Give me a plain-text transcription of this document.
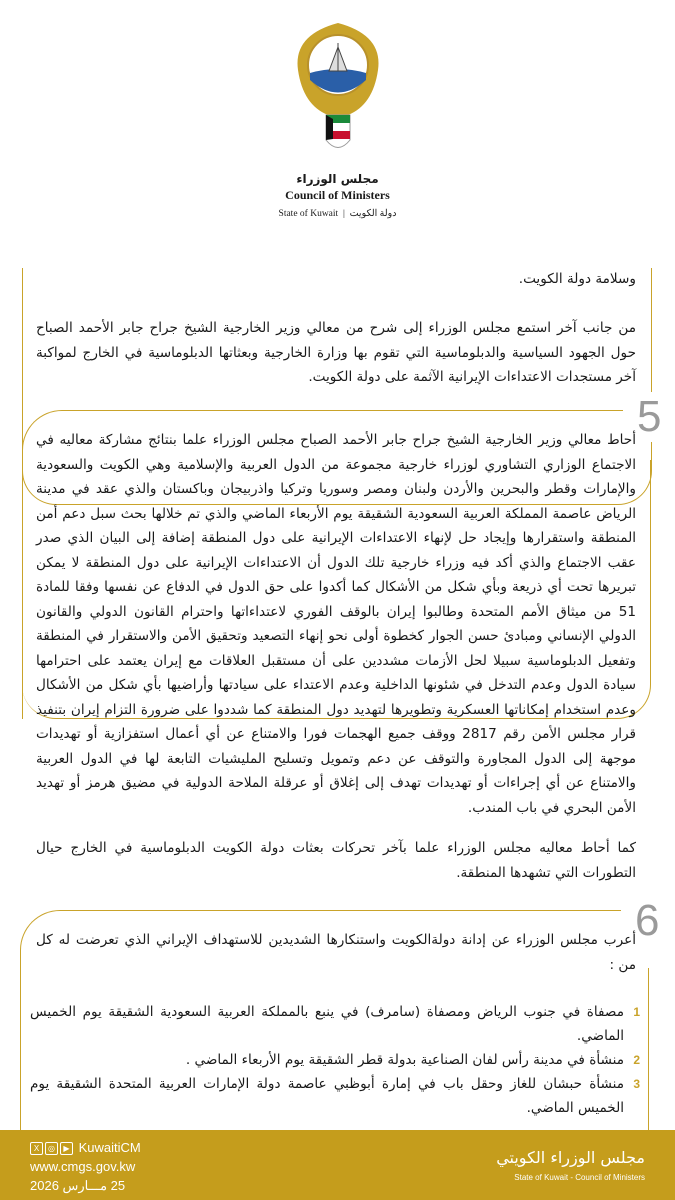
مجلس الوزراء
Council of Ministers
State of Kuwait  |  دولة الكويت

وسلامة دولة الكويت.

من جانب آخر استمع مجلس الوزراء إلى شرح من معالي وزير الخارجية الشيخ جراح جابر الأحمد الصباح حول الجهود السياسية والدبلوماسية التي تقوم بها وزارة الخارجية وبعثاتها الدبلوماسية في الخارج لمواكبة آخر مستجدات الاعتداءات الإيرانية الآثمة على دولة الكويت.

5

أحاط معالي وزير الخارجية الشيخ جراح جابر الأحمد الصباح مجلس الوزراء علما بنتائج مشاركة معاليه في الاجتماع الوزاري التشاوري لوزراء خارجية مجموعة من الدول العربية والإسلامية وهي الكويت والسعودية والإمارات وقطر والبحرين والأردن ولبنان ومصر وسوريا وتركيا واذربيجان وباكستان والذي عقد في مدينة الرياض عاصمة المملكة العربية السعودية الشقيقة يوم الأربعاء الماضي والذي تم خلالها بحث سبل دعم أمن المنطقة واستقرارها وإيجاد حل لإنهاء الاعتداءات الإيرانية على دول المنطقة إضافة إلى البيان الذي صدر عقب الاجتماع والذي أكد فيه وزراء خارجية تلك الدول أن الاعتداءات الإيرانية على دول المنطقة لا يمكن تبريرها تحت أي ذريعة وبأي شكل من الأشكال كما أكدوا على حق الدول في الدفاع عن نفسها وفقا للمادة 51 من ميثاق الأمم المتحدة وطالبوا إيران بالوقف الفوري لاعتداءاتها واحترام القانون الدولي والقانون الدولي الإنساني ومبادئ حسن الجوار كخطوة أولى نحو إنهاء التصعيد وتحقيق الأمن والاستقرار في المنطقة وتفعيل الدبلوماسية سبيلا لحل الأزمات مشددين على أن مستقبل العلاقات مع إيران يعتمد على احترامها سيادة الدول وعدم التدخل في شئونها الداخلية وعدم الاعتداء على سيادتها وأراضيها بأي شكل من الأشكال وعدم استخدام إمكاناتها العسكرية وتطويرها لتهديد دول المنطقة كما شددوا على ضرورة التزام إيران بتنفيذ قرار مجلس الأمن رقم 2817 ووقف جميع الهجمات فورا والامتناع عن أي أعمال استفزازية أو تهديدات موجهة إلى الدول المجاورة والتوقف عن دعم وتمويل وتسليح المليشيات التابعة لها في الدول العربية والامتناع عن أي إجراءات أو تهديدات تهدف إلى إغلاق أو عرقلة الملاحة الدولية في مضيق هرمز أو تهديد الأمن البحري في باب المندب.

كما أحاط معاليه مجلس الوزراء علما بآخر تحركات بعثات دولة الكويت الدبلوماسية في الخارج حيال التطورات التي تشهدها المنطقة.

6

أعرب مجلس الوزراء عن إدانة دولةالكويت واستنكارها الشديدين للاستهداف الإيراني الذي تعرضت له كل من :

1
مصفاة في جنوب الرياض ومصفاة (سامرف) في ينبع بالمملكة العربية السعودية الشقيقة يوم الخميس الماضي.
2
منشأة في مدينة رأس لفان الصناعية بدولة قطر الشقيقة يوم الأربعاء الماضي .
3
منشأة حبشان للغاز وحقل باب في إمارة أبوظبي عاصمة دولة الإمارات العربية المتحدة الشقيقة يوم الخميس الماضي.
X ◎ ▶ KuwaitiCM
www.cmgs.gov.kw
25 مـــارس 2026
مجلس الوزراء الكويتي
State of Kuwait - Council of Ministers
